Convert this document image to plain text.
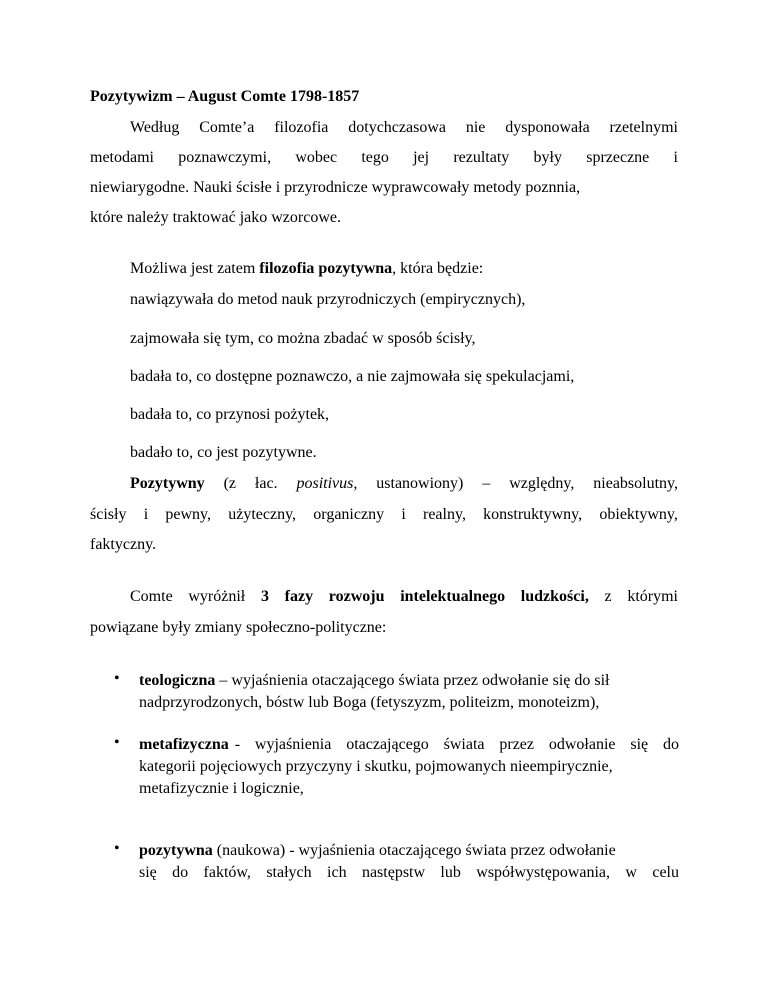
Pozytywizm – August Comte 1798-1857
Według Comte’a filozofia dotychczasowa nie dysponowała rzetelnymi
metodami poznawczymi, wobec tego jej rezultaty były sprzeczne i
niewiarygodne. Nauki ścisłe i przyrodnicze wyprawcowały metody poznnia,
które należy traktować jako wzorcowe.
Możliwa jest zatem filozofia pozytywna, która będzie:
nawiązywała do metod nauk przyrodniczych (empirycznych),
zajmowała się tym, co można zbadać w sposób ścisły,
badała to, co dostępne poznawczo, a nie zajmowała się spekulacjami,
badała to, co przynosi pożytek,
badało to, co jest pozytywne.
Pozytywny (z łac. positivus, ustanowiony) – względny, nieabsolutny,
ścisły i pewny, użyteczny, organiczny i realny, konstruktywny, obiektywny,
faktyczny.
Comte wyróżnił 3 fazy rozwoju intelektualnego ludzkości, z którymi
powiązane były zmiany społeczno-polityczne:
• teologiczna – wyjaśnienia otaczającego świata przez odwołanie się do sił
nadprzyrodzonych, bóstw lub Boga (fetyszyzm, politeizm, monoteizm),
• metafizyczna - wyjaśnienia otaczającego świata przez odwołanie się do
kategorii pojęciowych przyczyny i skutku, pojmowanych nieempirycznie,
metafizycznie i logicznie,
• pozytywna (naukowa) - wyjaśnienia otaczającego świata przez odwołanie
się do faktów, stałych ich następstw lub współwystępowania, w celu
